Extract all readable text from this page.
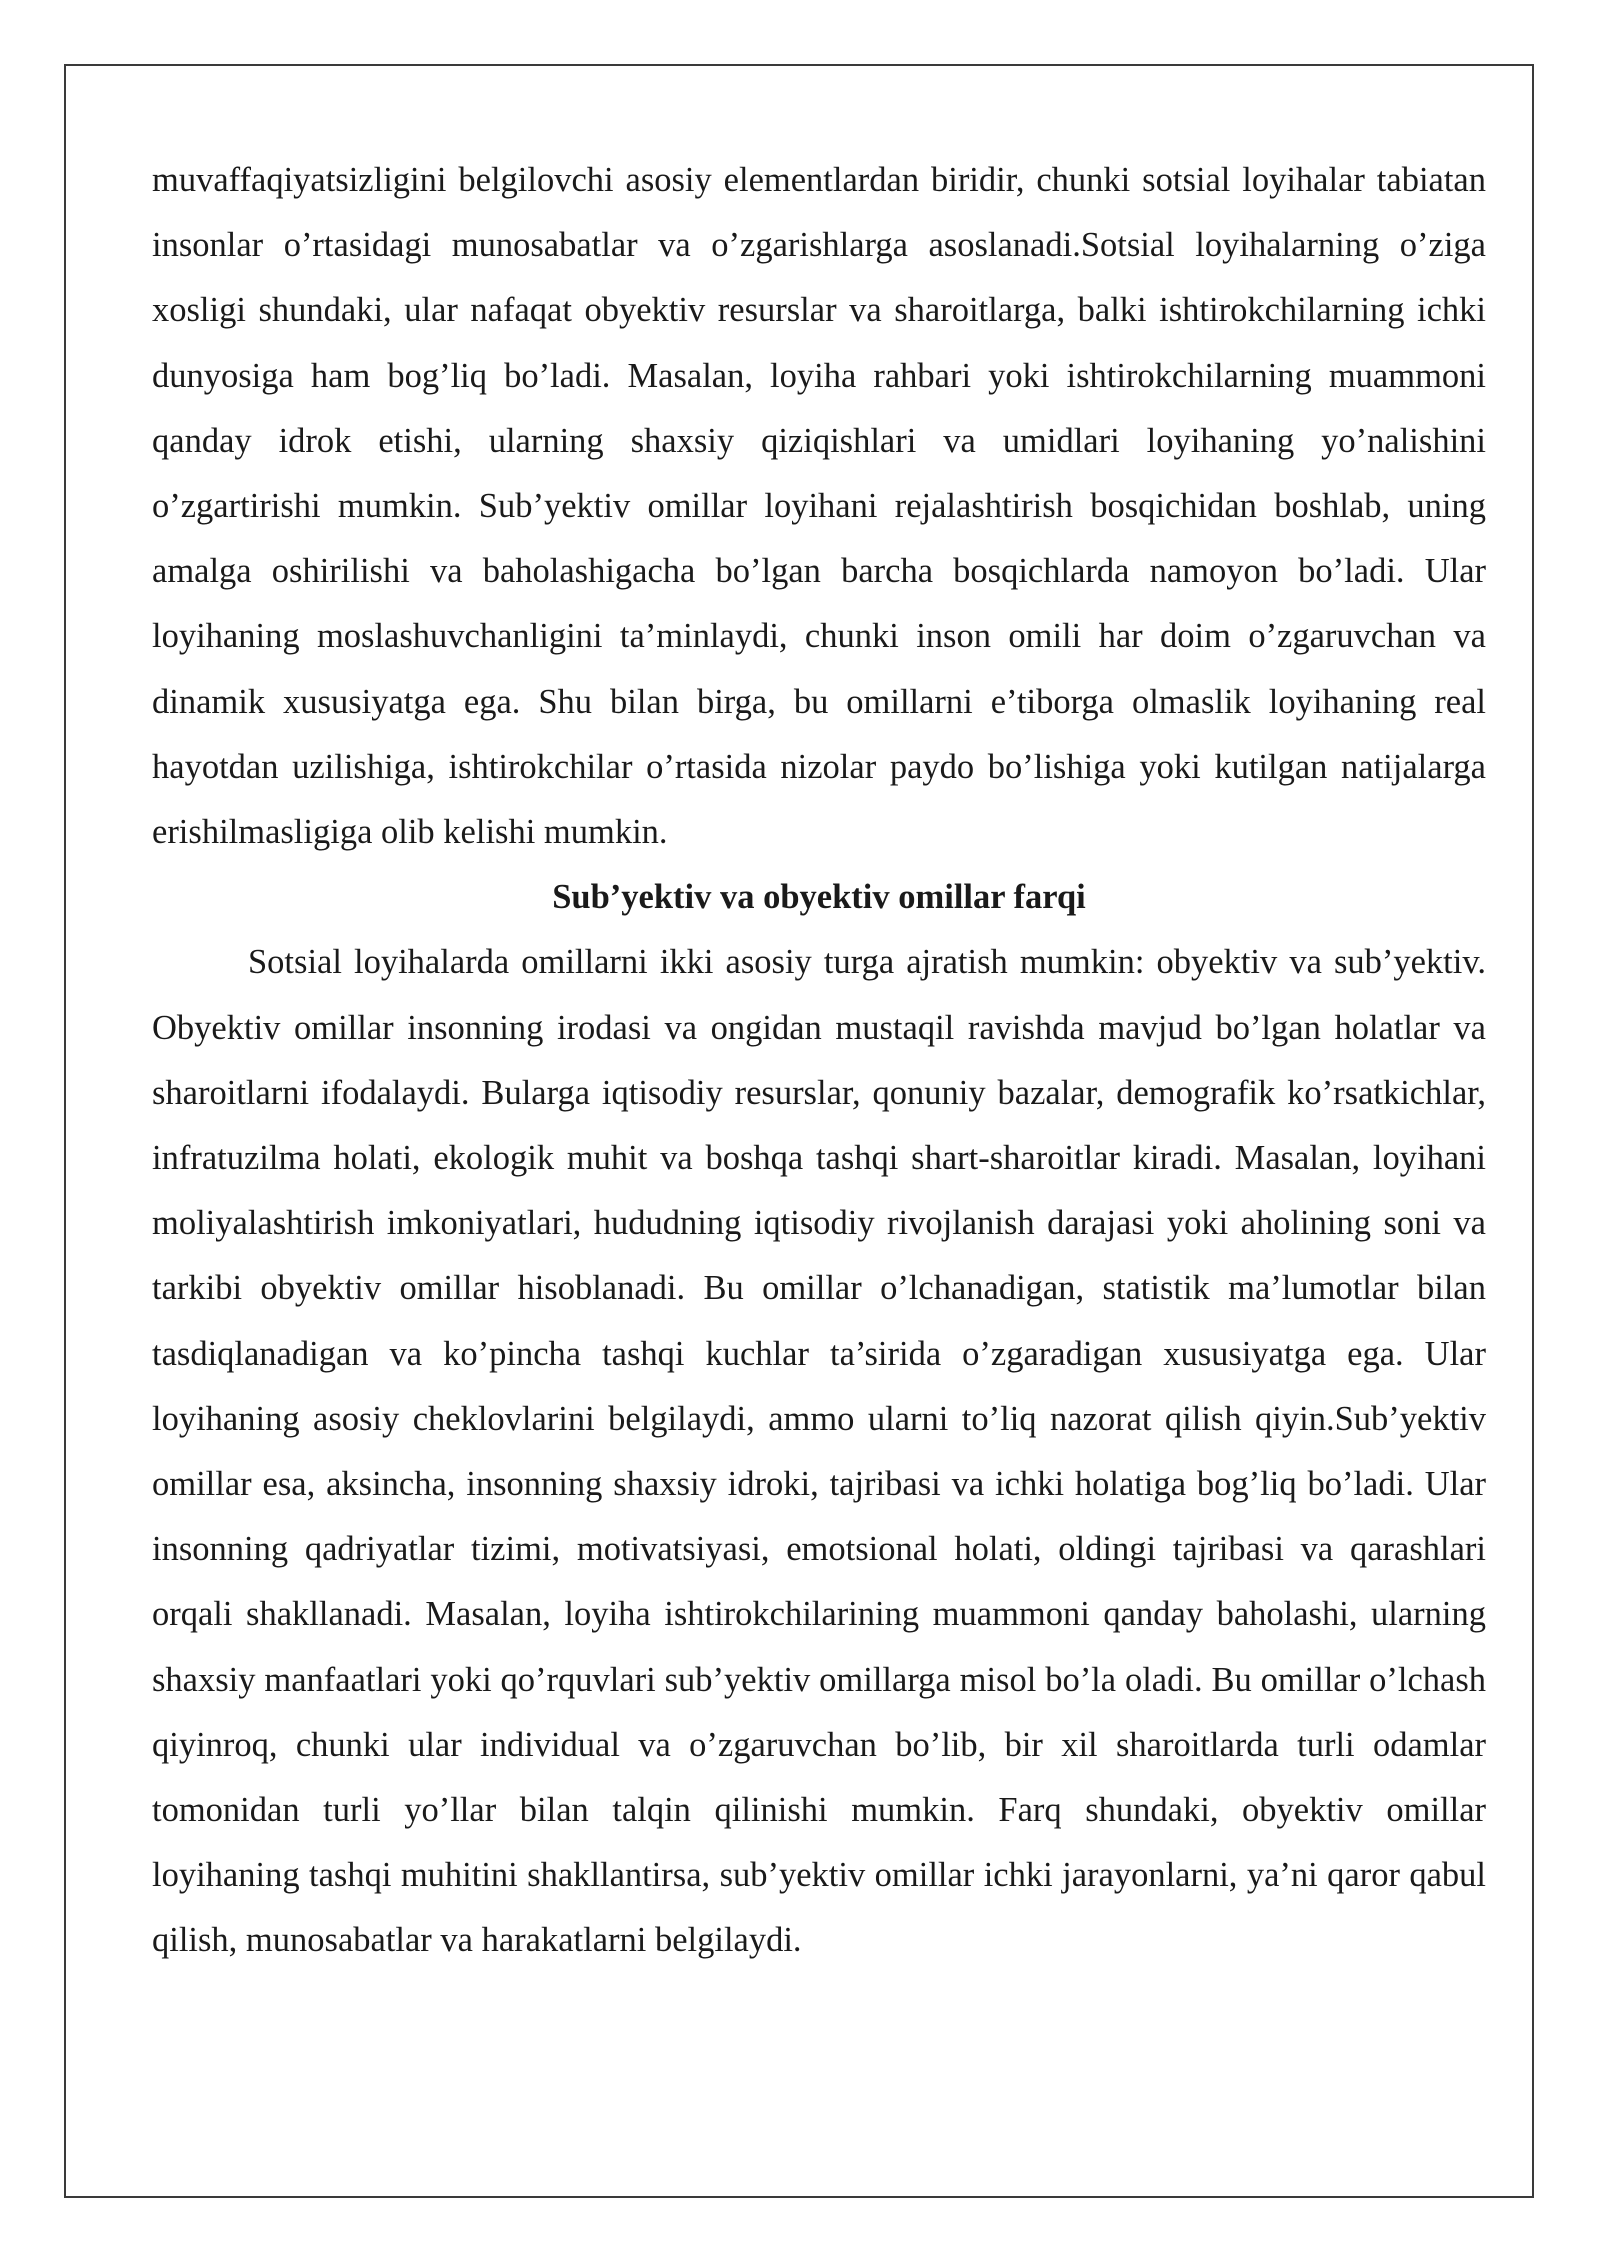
muvaffaqiyatsizligini belgilovchi asosiy elementlardan biridir, chunki sotsial loyihalar tabiatan insonlar o’rtasidagi munosabatlar va o’zgarishlarga asoslanadi.Sotsial loyihalarning o’ziga xosligi shundaki, ular nafaqat obyektiv resurslar va sharoitlarga, balki ishtirokchilarning ichki dunyosiga ham bog’liq bo’ladi. Masalan, loyiha rahbari yoki ishtirokchilarning muammoni qanday idrok etishi, ularning shaxsiy qiziqishlari va umidlari loyihaning yo’nalishini o’zgartirishi mumkin. Sub’yektiv omillar loyihani rejalashtirish bosqichidan boshlab, uning amalga oshirilishi va baholashigacha bo’lgan barcha bosqichlarda namoyon bo’ladi. Ular loyihaning moslashuvchanligini ta’minlaydi, chunki inson omili har doim o’zgaruvchan va dinamik xususiyatga ega. Shu bilan birga, bu omillarni e’tiborga olmaslik loyihaning real hayotdan uzilishiga, ishtirokchilar o’rtasida nizolar paydo bo’lishiga yoki kutilgan natijalarga erishilmasligiga olib kelishi mumkin.

Sub’yektiv va obyektiv omillar farqi

Sotsial loyihalarda omillarni ikki asosiy turga ajratish mumkin: obyektiv va sub’yektiv. Obyektiv omillar insonning irodasi va ongidan mustaqil ravishda mavjud bo’lgan holatlar va sharoitlarni ifodalaydi. Bularga iqtisodiy resurslar, qonuniy bazalar, demografik ko’rsatkichlar, infratuzilma holati, ekologik muhit va boshqa tashqi shart-sharoitlar kiradi. Masalan, loyihani moliyalashtirish imkoniyatlari, hududning iqtisodiy rivojlanish darajasi yoki aholining soni va tarkibi obyektiv omillar hisoblanadi. Bu omillar o’lchanadigan, statistik ma’lumotlar bilan tasdiqlanadigan va ko’pincha tashqi kuchlar ta’sirida o’zgaradigan xususiyatga ega. Ular loyihaning asosiy cheklovlarini belgilaydi, ammo ularni to’liq nazorat qilish qiyin.Sub’yektiv omillar esa, aksincha, insonning shaxsiy idroki, tajribasi va ichki holatiga bog’liq bo’ladi. Ular insonning qadriyatlar tizimi, motivatsiyasi, emotsional holati, oldingi tajribasi va qarashlari orqali shakllanadi. Masalan, loyiha ishtirokchilarining muammoni qanday baholashi, ularning shaxsiy manfaatlari yoki qo’rquvlari sub’yektiv omillarga misol bo’la oladi. Bu omillar o’lchash qiyinroq, chunki ular individual va o’zgaruvchan bo’lib, bir xil sharoitlarda turli odamlar tomonidan turli yo’llar bilan talqin qilinishi mumkin. Farq shundaki, obyektiv omillar loyihaning tashqi muhitini shakllantirsa, sub’yektiv omillar ichki jarayonlarni, ya’ni qaror qabul qilish, munosabatlar va harakatlarni belgilaydi.
